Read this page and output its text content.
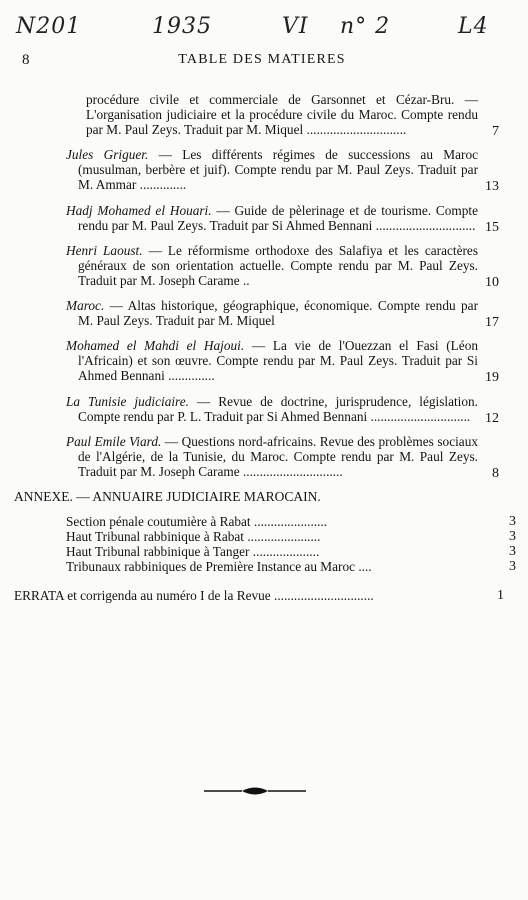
N201	1935	VI n° 2	L4
8	TABLE DES MATIERES
procédure civile et commerciale de Garsonnet et Cézar-Bru. — L'organisation judiciaire et la procédure civile du Maroc. Compte rendu par M. Paul Zeys. Traduit par M. Miquel ..............................	7
Jules Griguer. — Les différents régimes de successions au Maroc (musulman, berbère et juif). Compte rendu par M. Paul Zeys. Traduit par M. Ammar ..............	13
Hadj Mohamed el Houari. — Guide de pèlerinage et de tourisme. Compte rendu par M. Paul Zeys. Traduit par Si Ahmed Bennani .............................. 15
Henri Laoust. — Le réformisme orthodoxe des Salafiya et les caractères généraux de son orientation actuelle. Compte rendu par M. Paul Zeys. Traduit par M. Joseph Carame ..	10
Maroc. — Altas historique, géographique, économique. Compte rendu par M. Paul Zeys. Traduit par M. Miquel	17
Mohamed el Mahdi el Hajoui. — La vie de l'Ouezzan el Fasi (Léon l'Africain) et son œuvre. Compte rendu par M. Paul Zeys. Traduit par Si Ahmed Bennani ..............	19
La Tunisie judiciaire. — Revue de doctrine, jurisprudence, législation. Compte rendu par P. L. Traduit par Si Ahmed Bennani ..............................	12
Paul Emile Viard. — Questions nord-africains. Revue des problèmes sociaux de l'Algérie, de la Tunisie, du Maroc. Compte rendu par M. Paul Zeys. Traduit par M. Joseph Carame ..............................	8
ANNEXE. — ANNUAIRE JUDICIAIRE MAROCAIN.
Section pénale coutumière à Rabat ......................	3
Haut Tribunal rabbinique à Rabat ......................	3
Haut Tribunal rabbinique à Tanger ....................	3
Tribunaux rabbiniques de Première Instance au Maroc ....	3
ERRATA et corrigenda au numéro I de la Revue ..............................	1
